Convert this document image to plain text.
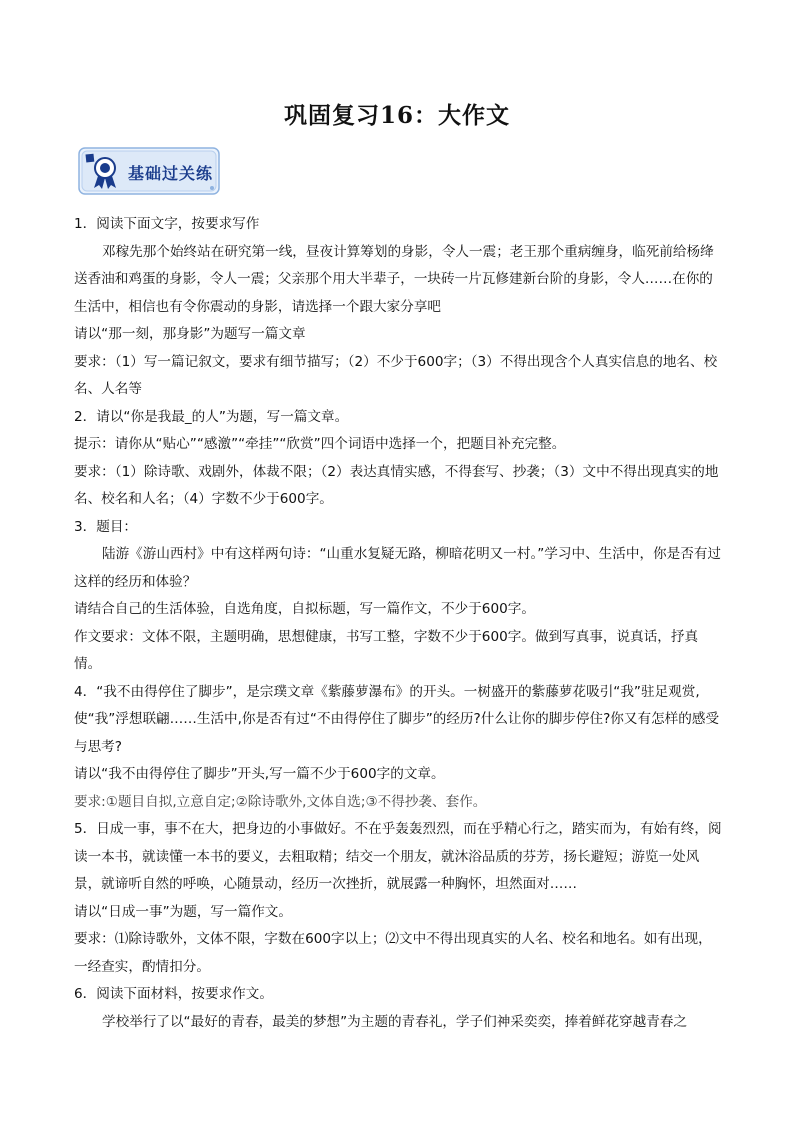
巩固复习16：大作文
基础过关练

1．阅读下面文字，按要求写作

邓稼先那个始终站在研究第一线，昼夜计算筹划的身影，令人一震；老王那个重病缠身，临死前给杨绛送香油和鸡蛋的身影，令人一震；父亲那个用大半辈子，一块砖一片瓦修建新台阶的身影，令人……在你的生活中，相信也有令你震动的身影，请选择一个跟大家分享吧

请以“那一刻，那身影”为题写一篇文章

要求：（1）写一篇记叙文，要求有细节描写；（2）不少于600字；（3）不得出现含个人真实信息的地名、校名、人名等

2．请以“你是我最_的人”为题，写一篇文章。

提示：请你从“贴心”“感激”“牵挂”“欣赏”四个词语中选择一个，把题目补充完整。

要求：（1）除诗歌、戏剧外，体裁不限；（2）表达真情实感，不得套写、抄袭；（3）文中不得出现真实的地名、校名和人名；（4）字数不少于600字。

3．题目：

陆游《游山西村》中有这样两句诗：“山重水复疑无路，柳暗花明又一村。”学习中、生活中，你是否有过这样的经历和体验？

请结合自己的生活体验，自选角度，自拟标题，写一篇作文，不少于600字。

作文要求：文体不限，主题明确，思想健康，书写工整，字数不少于600字。做到写真事，说真话，抒真情。

4．“我不由得停住了脚步”，是宗璞文章《紫藤萝瀑布》的开头。一树盛开的紫藤萝花吸引“我”驻足观赏,使“我”浮想联翩……生活中,你是否有过“不由得停住了脚步”的经历?什么让你的脚步停住?你又有怎样的感受与思考?

请以“我不由得停住了脚步”开头,写一篇不少于600字的文章。

要求:①题目自拟,立意自定;②除诗歌外,文体自选;③不得抄袭、套作。

5．日成一事，事不在大，把身边的小事做好。不在乎轰轰烈烈，而在乎精心行之，踏实而为，有始有终，阅读一本书，就读懂一本书的要义，去粗取精；结交一个朋友，就沐浴品质的芬芳，扬长避短；游览一处风景，就谛听自然的呼唤，心随景动，经历一次挫折，就展露一种胸怀，坦然面对……

请以“日成一事”为题，写一篇作文。

要求：⑴除诗歌外，文体不限，字数在600字以上；⑵文中不得出现真实的人名、校名和地名。如有出现，一经查实，酌情扣分。

6．阅读下面材料，按要求作文。

学校举行了以“最好的青春，最美的梦想”为主题的青春礼，学子们神采奕奕，捧着鲜花穿越青春之
